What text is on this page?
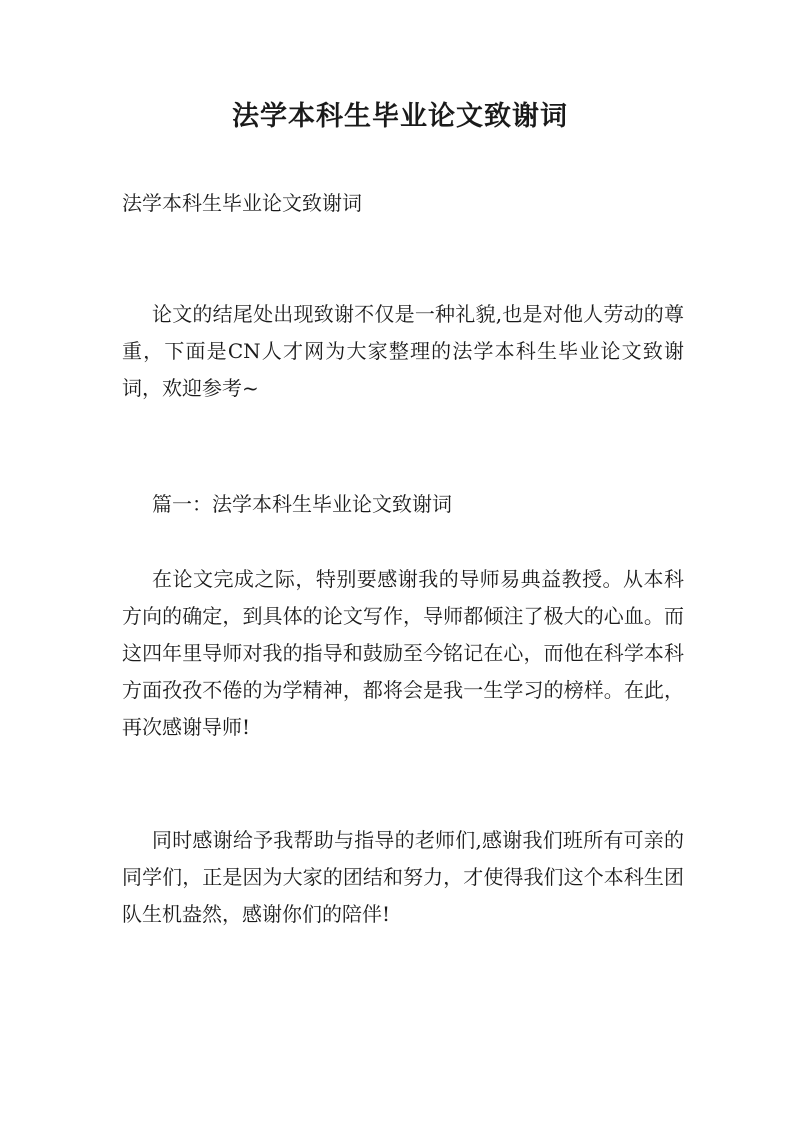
法学本科生毕业论文致谢词

法学本科生毕业论文致谢词

论文的结尾处出现致谢不仅是一种礼貌,也是对他人劳动的尊重，下面是CN人才网为大家整理的法学本科生毕业论文致谢词，欢迎参考~

篇一：法学本科生毕业论文致谢词

在论文完成之际，特别要感谢我的导师易典益教授。从本科方向的确定，到具体的论文写作，导师都倾注了极大的心血。而这四年里导师对我的指导和鼓励至今铭记在心，而他在科学本科方面孜孜不倦的为学精神，都将会是我一生学习的榜样。在此，再次感谢导师!

同时感谢给予我帮助与指导的老师们,感谢我们班所有可亲的同学们，正是因为大家的团结和努力，才使得我们这个本科生团队生机盎然，感谢你们的陪伴!
